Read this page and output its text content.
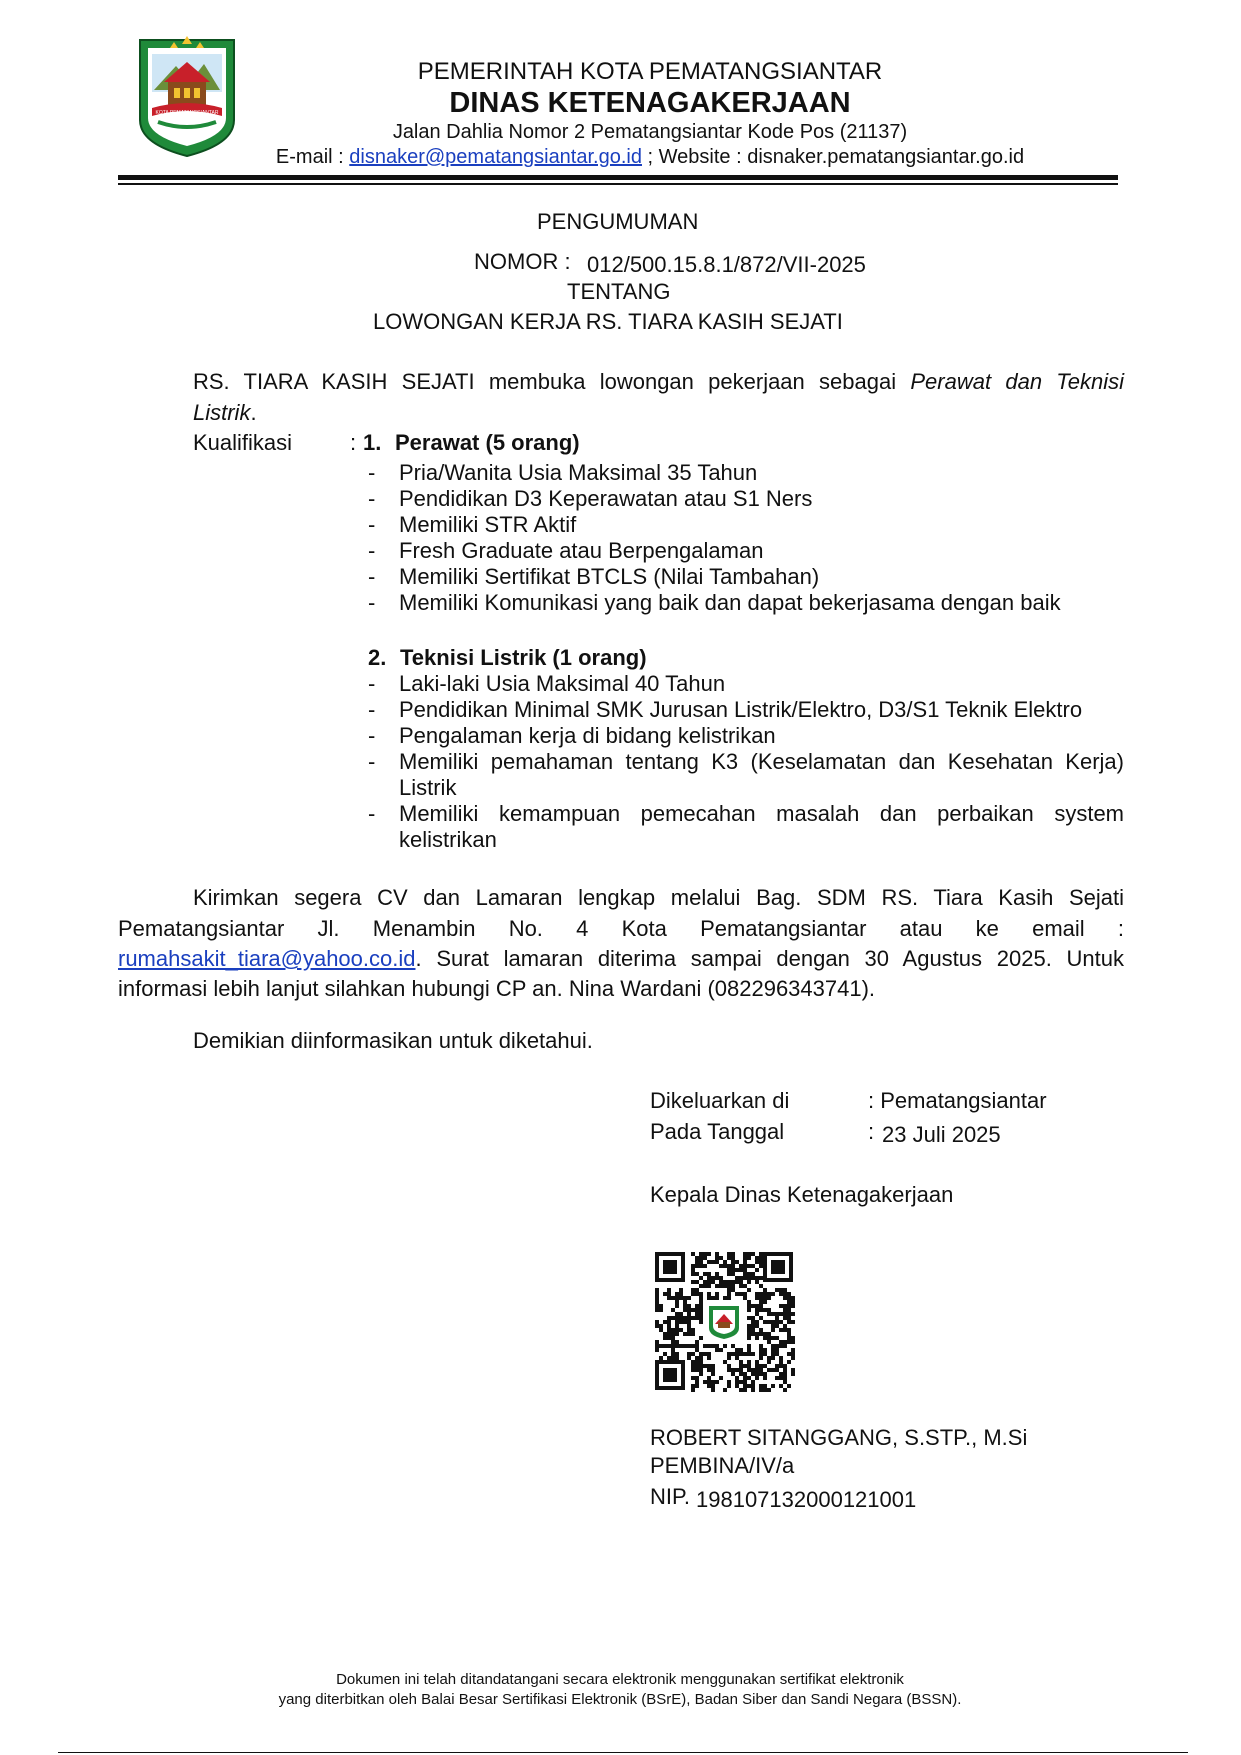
KOTA PEMATANGSIANTAR
PEMERINTAH KOTA PEMATANGSIANTAR
DINAS KETENAGAKERJAAN
Jalan Dahlia Nomor 2 Pematangsiantar Kode Pos (21137)
E-mail : disnaker@pematangsiantar.go.id ; Website : disnaker.pematangsiantar.go.id
PENGUMUMAN
NOMOR : 012/500.15.8.1/872/VII-2025
TENTANG
LOWONGAN KERJA RS. TIARA KASIH SEJATI
RS. TIARA KASIH SEJATI membuka lowongan pekerjaan sebagai Perawat dan Teknisi
Listrik.
Kualifikasi	: 1. Perawat (5 orang)
- Pria/Wanita Usia Maksimal 35 Tahun
- Pendidikan D3 Keperawatan atau S1 Ners
- Memiliki STR Aktif
- Fresh Graduate atau Berpengalaman
- Memiliki Sertifikat BTCLS (Nilai Tambahan)
- Memiliki Komunikasi yang baik dan dapat bekerjasama dengan baik
2. Teknisi Listrik (1 orang)
- Laki-laki Usia Maksimal 40 Tahun
- Pendidikan Minimal SMK Jurusan Listrik/Elektro, D3/S1 Teknik Elektro
- Pengalaman kerja di bidang kelistrikan
- Memiliki pemahaman tentang K3 (Keselamatan dan Kesehatan Kerja)
Listrik
- Memiliki kemampuan pemecahan masalah dan perbaikan system
kelistrikan
Kirimkan segera CV dan Lamaran lengkap melalui Bag. SDM RS. Tiara Kasih Sejati
Pematangsiantar Jl. Menambin No. 4 Kota Pematangsiantar atau ke email :
rumahsakit_tiara@yahoo.co.id. Surat lamaran diterima sampai dengan 30 Agustus 2025. Untuk
informasi lebih lanjut silahkan hubungi CP an. Nina Wardani (082296343741).
Demikian diinformasikan untuk diketahui.
Dikeluarkan di	: Pematangsiantar
Pada Tanggal	: 23 Juli 2025
Kepala Dinas Ketenagakerjaan
ROBERT SITANGGANG, S.STP., M.Si
PEMBINA/IV/a
NIP. 198107132000121001
Dokumen ini telah ditandatangani secara elektronik menggunakan sertifikat elektronik
yang diterbitkan oleh Balai Besar Sertifikasi Elektronik (BSrE), Badan Siber dan Sandi Negara (BSSN).
